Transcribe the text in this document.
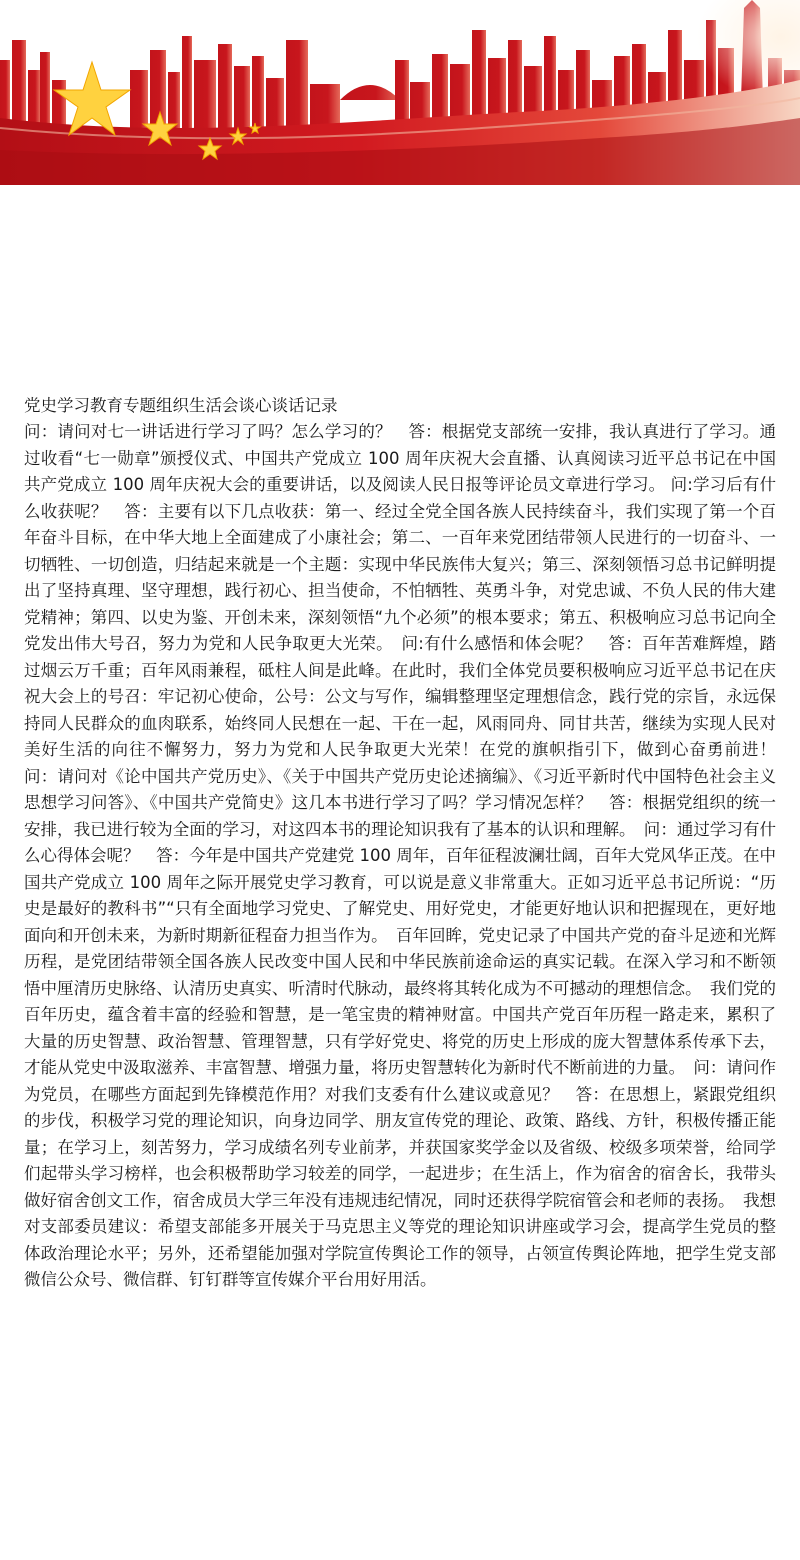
党史学习教育专题组织生活会谈心谈话记录

问：请问对七一讲话进行学习了吗？怎么学习的？　答：根据党支部统一安排，我认真进行了学习。通过收看“七一勋章”颁授仪式、中国共产党成立 100 周年庆祝大会直播、认真阅读习近平总书记在中国共产党成立 100 周年庆祝大会的重要讲话，以及阅读人民日报等评论员文章进行学习。 问:学习后有什么收获呢？　答：主要有以下几点收获：第一、经过全党全国各族人民持续奋斗，我们实现了第一个百年奋斗目标，在中华大地上全面建成了小康社会；第二、一百年来党团结带领人民进行的一切奋斗、一切牺牲、一切创造，归结起来就是一个主题：实现中华民族伟大复兴；第三、深刻领悟习总书记鲜明提出了坚持真理、坚守理想，践行初心、担当使命，不怕牺牲、英勇斗争，对党忠诚、不负人民的伟大建党精神；第四、以史为鉴、开创未来，深刻领悟“九个必须”的根本要求；第五、积极响应习总书记向全党发出伟大号召，努力为党和人民争取更大光荣。　问:有什么感悟和体会呢？　答：百年苦难辉煌，踏过烟云万千重；百年风雨兼程，砥柱人间是此峰。在此时，我们全体党员要积极响应习近平总书记在庆祝大会上的号召：牢记初心使命，公号：公文与写作，编辑整理坚定理想信念，践行党的宗旨，永远保持同人民群众的血肉联系，始终同人民想在一起、干在一起，风雨同舟、同甘共苦，继续为实现人民对美好生活的向往不懈努力，努力为党和人民争取更大光荣！在党的旗帜指引下，做到心奋勇前进！　问：请问对《论中国共产党历史》、《关于中国共产党历史论述摘编》、《习近平新时代中国特色社会主义思想学习问答》、《中国共产党简史》这几本书进行学习了吗？学习情况怎样？　答：根据党组织的统一安排，我已进行较为全面的学习，对这四本书的理论知识我有了基本的认识和理解。　问：通过学习有什么心得体会呢？　答：今年是中国共产党建党 100 周年，百年征程波澜壮阔，百年大党风华正茂。在中国共产党成立 100 周年之际开展党史学习教育，可以说是意义非常重大。正如习近平总书记所说：“历史是最好的教科书”“只有全面地学习党史、了解党史、用好党史，才能更好地认识和把握现在，更好地面向和开创未来，为新时期新征程奋力担当作为。　百年回眸，党史记录了中国共产党的奋斗足迹和光辉历程，是党团结带领全国各族人民改变中国人民和中华民族前途命运的真实记载。在深入学习和不断领悟中厘清历史脉络、认清历史真实、听清时代脉动，最终将其转化成为不可撼动的理想信念。　我们党的百年历史，蕴含着丰富的经验和智慧，是一笔宝贵的精神财富。中国共产党百年历程一路走来，累积了大量的历史智慧、政治智慧、管理智慧，只有学好党史、将党的历史上形成的庞大智慧体系传承下去，才能从党史中汲取滋养、丰富智慧、增强力量，将历史智慧转化为新时代不断前进的力量。　问：请问作为党员，在哪些方面起到先锋模范作用？对我们支委有什么建议或意见？　答：在思想上，紧跟党组织的步伐，积极学习党的理论知识，向身边同学、朋友宣传党的理论、政策、路线、方针，积极传播正能量；在学习上，刻苦努力，学习成绩名列专业前茅，并获国家奖学金以及省级、校级多项荣誉，给同学们起带头学习榜样，也会积极帮助学习较差的同学，一起进步；在生活上，作为宿舍的宿舍长，我带头做好宿舍创文工作，宿舍成员大学三年没有违规违纪情况，同时还获得学院宿管会和老师的表扬。　我想对支部委员建议：希望支部能多开展关于马克思主义等党的理论知识讲座或学习会，提高学生党员的整体政治理论水平；另外，还希望能加强对学院宣传舆论工作的领导，占领宣传舆论阵地，把学生党支部微信公众号、微信群、钉钉群等宣传媒介平台用好用活。
